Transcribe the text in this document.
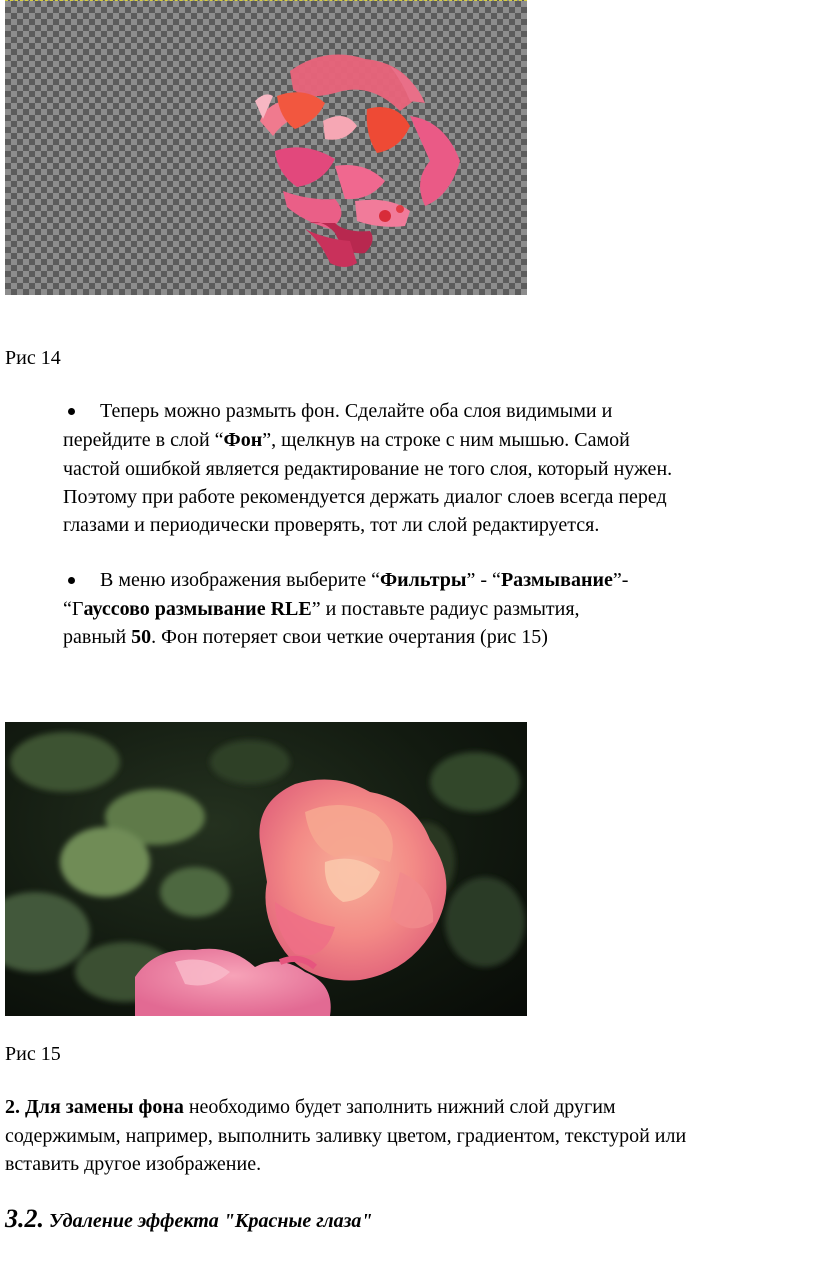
Рис 14
Теперь можно размыть фон. Сделайте оба слоя видимыми и
перейдите в слой “Фон”, щелкнув на строке с ним мышью. Самой
частой ошибкой является редактирование не того слоя, который нужен.
Поэтому при работе рекомендуется держать диалог слоев всегда перед
глазами и периодически проверять, тот ли слой редактируется.
В меню изображения выберите “Фильтры” - “Размывание”-
“Гауссово размывание RLE” и поставьте радиус размытия,
равный 50. Фон потеряет свои четкие очертания (рис 15)
Рис 15
2. Для замены фона необходимо будет заполнить нижний слой другим
содержимым, например, выполнить заливку цветом, градиентом, текстурой или
вставить другое изображение.
3.2. Удаление эффекта "Красные глаза"
